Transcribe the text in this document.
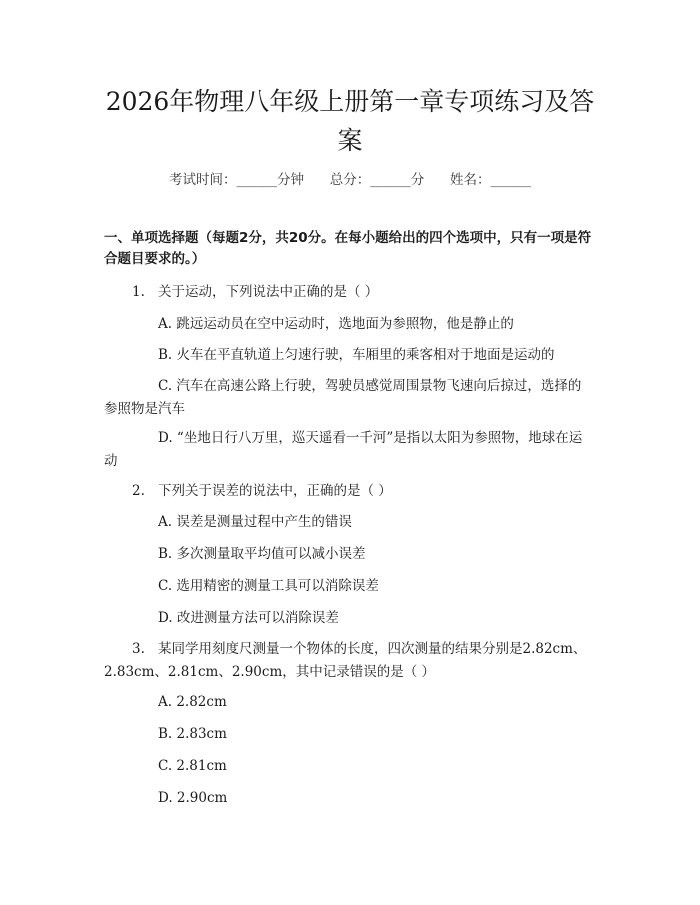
2026年物理八年级上册第一章专项练习及答案
考试时间：______分钟 总分：______分 姓名：______
一、单项选择题（每题2分，共20分。在每小题给出的四个选项中，只有一项是符合题目要求的。）
1. 关于运动，下列说法中正确的是（ ）
A. 跳远运动员在空中运动时，选地面为参照物，他是静止的
B. 火车在平直轨道上匀速行驶，车厢里的乘客相对于地面是运动的
C. 汽车在高速公路上行驶，驾驶员感觉周围景物飞速向后掠过，选择的参照物是汽车
D. “坐地日行八万里，巡天遥看一千河”是指以太阳为参照物，地球在运动
2. 下列关于误差的说法中，正确的是（ ）
A. 误差是测量过程中产生的错误
B. 多次测量取平均值可以减小误差
C. 选用精密的测量工具可以消除误差
D. 改进测量方法可以消除误差
3. 某同学用刻度尺测量一个物体的长度，四次测量的结果分别是2.82cm、2.83cm、2.81cm、2.90cm，其中记录错误的是（ ）
A. 2.82cm
B. 2.83cm
C. 2.81cm
D. 2.90cm
